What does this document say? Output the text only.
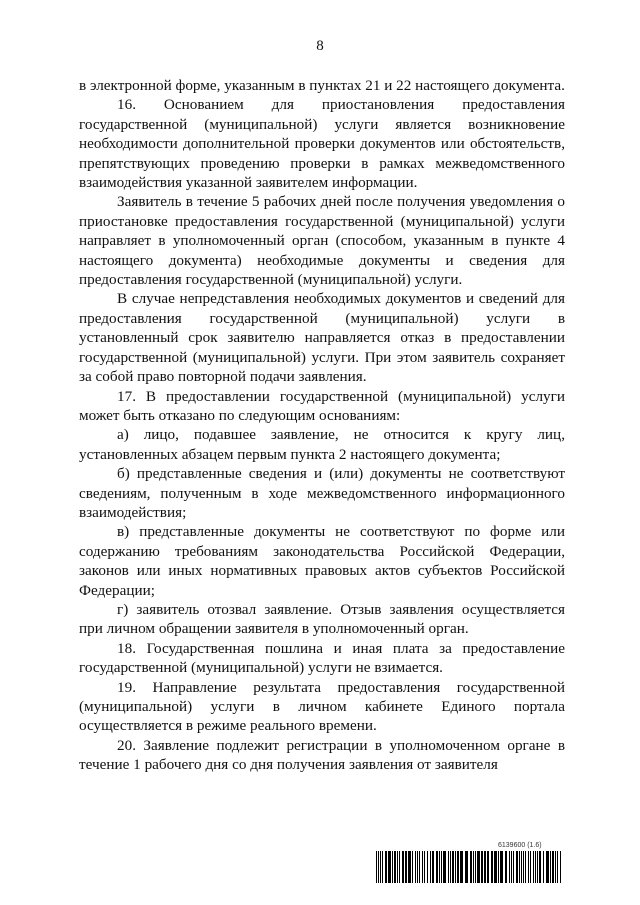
8

в электронной форме, указанным в пунктах 21 и 22 настоящего документа.

16. Основанием для приостановления предоставления государственной (муниципальной) услуги является возникновение необходимости дополнительной проверки документов или обстоятельств, препятствующих проведению проверки в рамках межведомственного взаимодействия указанной заявителем информации.

Заявитель в течение 5 рабочих дней после получения уведомления о приостановке предоставления государственной (муниципальной) услуги направляет в уполномоченный орган (способом, указанным в пункте 4 настоящего документа) необходимые документы и сведения для предоставления государственной (муниципальной) услуги.

В случае непредставления необходимых документов и сведений для предоставления государственной (муниципальной) услуги в установленный срок заявителю направляется отказ в предоставлении государственной (муниципальной) услуги. При этом заявитель сохраняет за собой право повторной подачи заявления.

17. В предоставлении государственной (муниципальной) услуги может быть отказано по следующим основаниям:

а) лицо, подавшее заявление, не относится к кругу лиц, установленных абзацем первым пункта 2 настоящего документа;

б) представленные сведения и (или) документы не соответствуют сведениям, полученным в ходе межведомственного информационного взаимодействия;

в) представленные документы не соответствуют по форме или содержанию требованиям законодательства Российской Федерации, законов или иных нормативных правовых актов субъектов Российской Федерации;

г) заявитель отозвал заявление. Отзыв заявления осуществляется при личном обращении заявителя в уполномоченный орган.

18. Государственная пошлина и иная плата за предоставление государственной (муниципальной) услуги не взимается.

19. Направление результата предоставления государственной (муниципальной) услуги в личном кабинете Единого портала осуществляется в режиме реального времени.

20. Заявление подлежит регистрации в уполномоченном органе в течение 1 рабочего дня со дня получения заявления от заявителя

6139600 (1.6)
